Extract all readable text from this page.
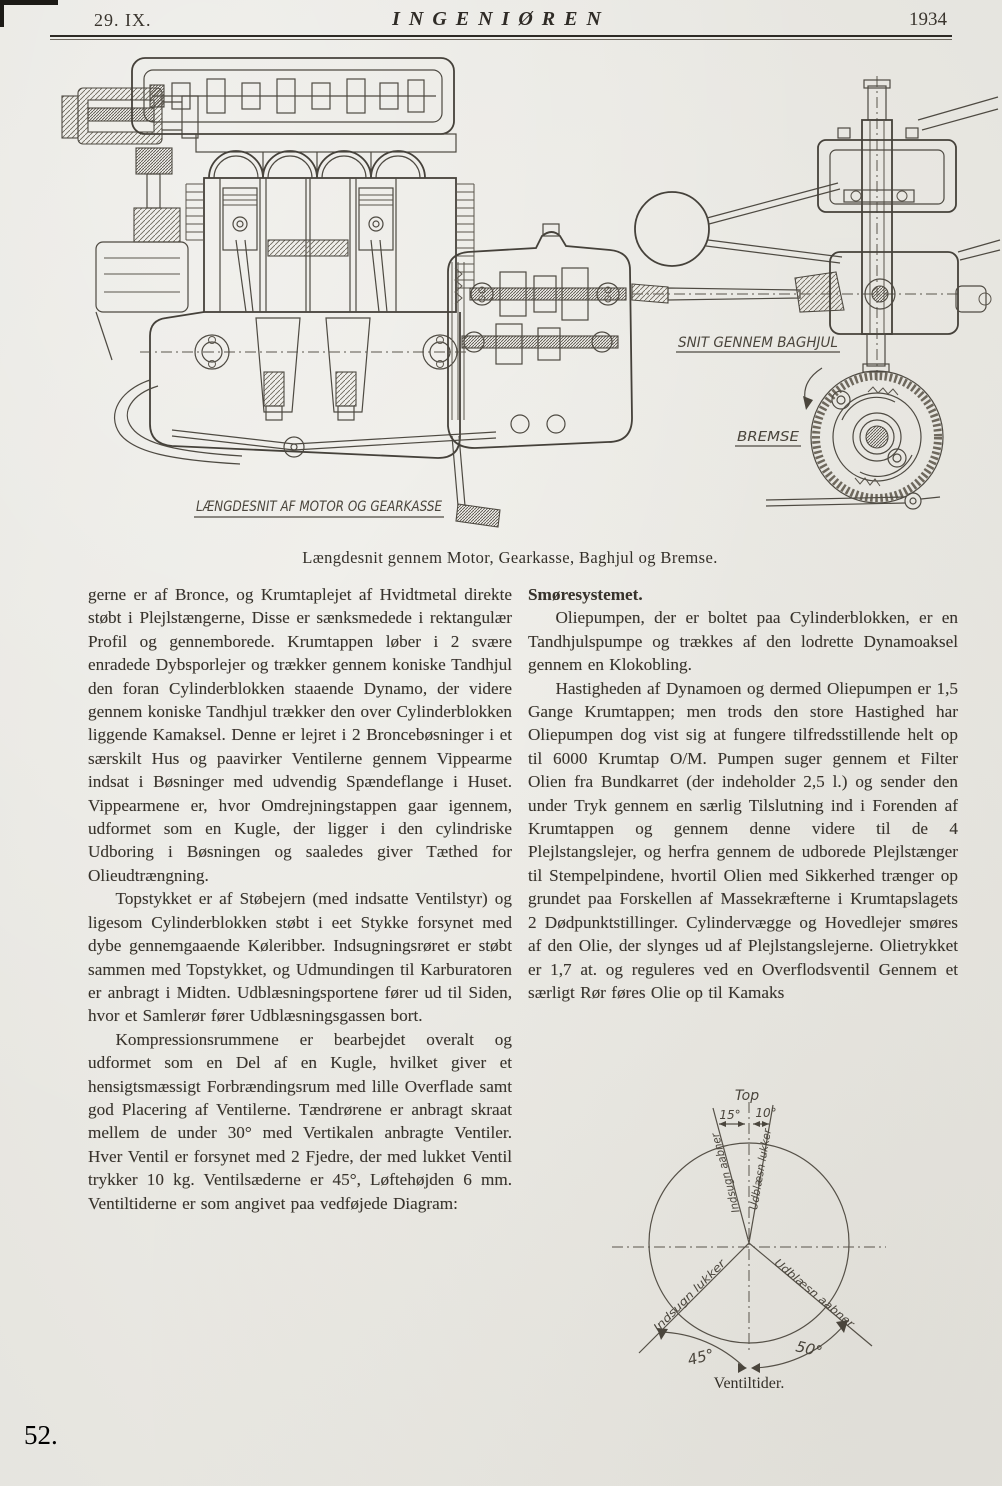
29. IX.	INGENIØREN	1934
SNIT GENNEM BAGHJUL
BREMSE
LÆNGDESNIT AF MOTOR OG GEARKASSE
Længdesnit gennem Motor, Gearkasse, Baghjul og Bremse.

gerne er af Bronce, og Krumtaplejet af Hvidtmetal direkte støbt i Plejlstængerne, Disse er sænksmedede i rektangulær Profil og gennemborede. Krumtappen løber i 2 svære enradede Dybsporlejer og trækker gennem koniske Tandhjul den foran Cylinderblokken staaende Dynamo, der videre gennem koniske Tandhjul trækker den over Cylinderblokken liggende Kamaksel. Denne er lejret i 2 Broncebøsninger i et særskilt Hus og paavirker Ventilerne gennem Vippearme indsat i Bøsninger med udvendig Spændeflange i Huset. Vippearmene er, hvor Omdrejningstappen gaar igennem, udformet som en Kugle, der ligger i den cylindriske Udboring i Bøsningen og saaledes giver Tæthed for Olieudtrængning.

Topstykket er af Støbejern (med indsatte Ventilstyr) og ligesom Cylinderblokken støbt i eet Stykke forsynet med dybe gennemgaaende Køleribber. Indsugningsrøret er støbt sammen med Topstykket, og Udmundingen til Karburatoren er anbragt i Midten. Udblæsningsportene fører ud til Siden, hvor et Samlerør fører Udblæsningsgassen bort.

Kompressionsrummene er bearbejdet overalt og udformet som en Del af en Kugle, hvilket giver et hensigtsmæssigt Forbrændingsrum med lille Overflade samt god Placering af Ventilerne. Tændrørene er anbragt skraat mellem de under 30° med Vertikalen anbragte Ventiler. Hver Ventil er forsynet med 2 Fjedre, der med lukket Ventil trykker 10 kg. Ventilsæderne er 45°, Løftehøjden 6 mm. Ventiltiderne er som angivet paa vedføjede Diagram:

Smøresystemet.

Oliepumpen, der er boltet paa Cylinderblokken, er en Tandhjulspumpe og trækkes af den lodrette Dynamoaksel gennem en Klokobling.

Hastigheden af Dynamoen og dermed Oliepumpen er 1,5 Gange Krumtappen; men trods den store Hastighed har Oliepumpen dog vist sig at fungere tilfredsstillende helt op til 6000 Krumtap O/M. Pumpen suger gennem et Filter Olien fra Bundkarret (der indeholder 2,5 l.) og sender den under Tryk gennem en særlig Tilslutning ind i Forenden af Krumtappen og gennem denne videre til de 4 Plejlstangslejer, og herfra gennem de udborede Plejlstænger til Stempelpindene, hvortil Olien med Sikkerhed trænger op grundet paa Forskellen af Massekræfterne i Krumtapslagets 2 Dødpunktstillinger. Cylindervægge og Hovedlejer smøres af den Olie, der slynges ud af Plejlstangslejerne. Olietrykket er 1,7 at. og reguleres ved en Overflodsventil Gennem et særligt Rør føres Olie op til Kamaks

15° 10°
Top
45°	50°
Indsugn aabner Udblæsn lukker
Indsugn lukker	Udblæsn aabner
Ventiltider.
52.
